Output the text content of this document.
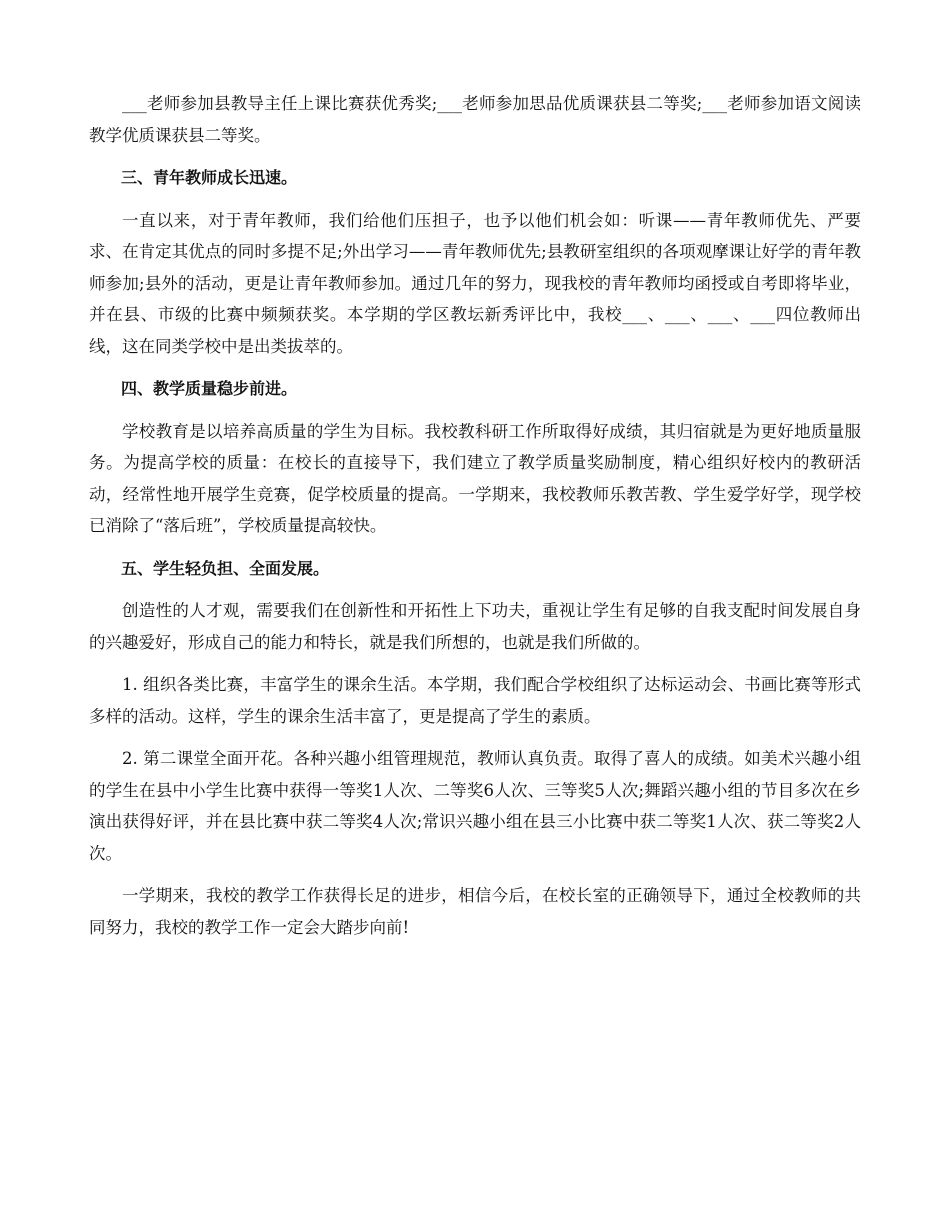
___老师参加县教导主任上课比赛获优秀奖;___老师参加思品优质课获县二等奖;___老师参加语文阅读教学优质课获县二等奖。

三、青年教师成长迅速。

一直以来，对于青年教师，我们给他们压担子，也予以他们机会如：听课——青年教师优先、严要求、在肯定其优点的同时多提不足;外出学习——青年教师优先;县教研室组织的各项观摩课让好学的青年教师参加;县外的活动，更是让青年教师参加。通过几年的努力，现我校的青年教师均函授或自考即将毕业，并在县、市级的比赛中频频获奖。本学期的学区教坛新秀评比中，我校___、___、___、___四位教师出线，这在同类学校中是出类拔萃的。

四、教学质量稳步前进。

学校教育是以培养高质量的学生为目标。我校教科研工作所取得好成绩，其归宿就是为更好地质量服务。为提高学校的质量：在校长的直接导下，我们建立了教学质量奖励制度，精心组织好校内的教研活动，经常性地开展学生竞赛，促学校质量的提高。一学期来，我校教师乐教苦教、学生爱学好学，现学校已消除了“落后班”，学校质量提高较快。

五、学生轻负担、全面发展。

创造性的人才观，需要我们在创新性和开拓性上下功夫，重视让学生有足够的自我支配时间发展自身的兴趣爱好，形成自己的能力和特长，就是我们所想的，也就是我们所做的。

1. 组织各类比赛，丰富学生的课余生活。本学期，我们配合学校组织了达标运动会、书画比赛等形式多样的活动。这样，学生的课余生活丰富了，更是提高了学生的素质。

2. 第二课堂全面开花。各种兴趣小组管理规范，教师认真负责。取得了喜人的成绩。如美术兴趣小组的学生在县中小学生比赛中获得一等奖1人次、二等奖6人次、三等奖5人次;舞蹈兴趣小组的节目多次在乡演出获得好评，并在县比赛中获二等奖4人次;常识兴趣小组在县三小比赛中获二等奖1人次、获二等奖2人次。

一学期来，我校的教学工作获得长足的进步，相信今后，在校长室的正确领导下，通过全校教师的共同努力，我校的教学工作一定会大踏步向前!
